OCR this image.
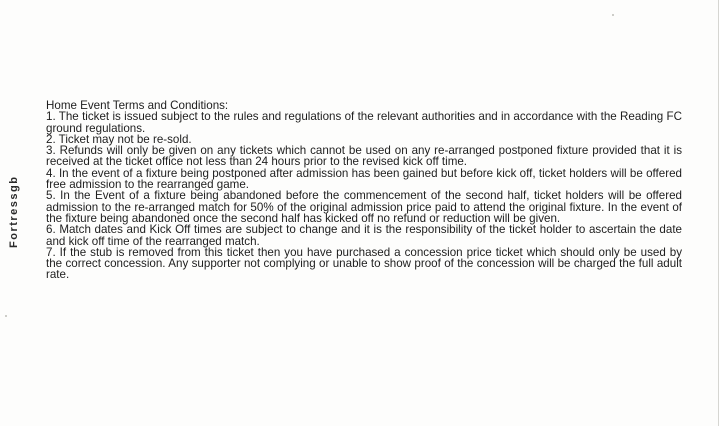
Fortressgb

Home Event Terms and Conditions:

1. The ticket is issued subject to the rules and regulations of the relevant authorities and in accordance with the Reading FC ground regulations.

2. Ticket may not be re-sold.

3. Refunds will only be given on any tickets which cannot be used on any re-arranged postponed fixture provided that it is received at the ticket office not less than 24 hours prior to the revised kick off time.

4. In the event of a fixture being postponed after admission has been gained but before kick off, ticket holders will be offered free admission to the rearranged game.

5. In the Event of a fixture being abandoned before the commencement of the second half, ticket holders will be offered admission to the re-arranged match for 50% of the original admission price paid to attend the original fixture. In the event of the fixture being abandoned once the second half has kicked off no refund or reduction will be given.

6. Match dates and Kick Off times are subject to change and it is the responsibility of the ticket holder to ascertain the date and kick off time of the rearranged match.

7. If the stub is removed from this ticket then you have purchased a concession price ticket which should only be used by the correct concession. Any supporter not complying or unable to show proof of the concession will be charged the full adult rate.
